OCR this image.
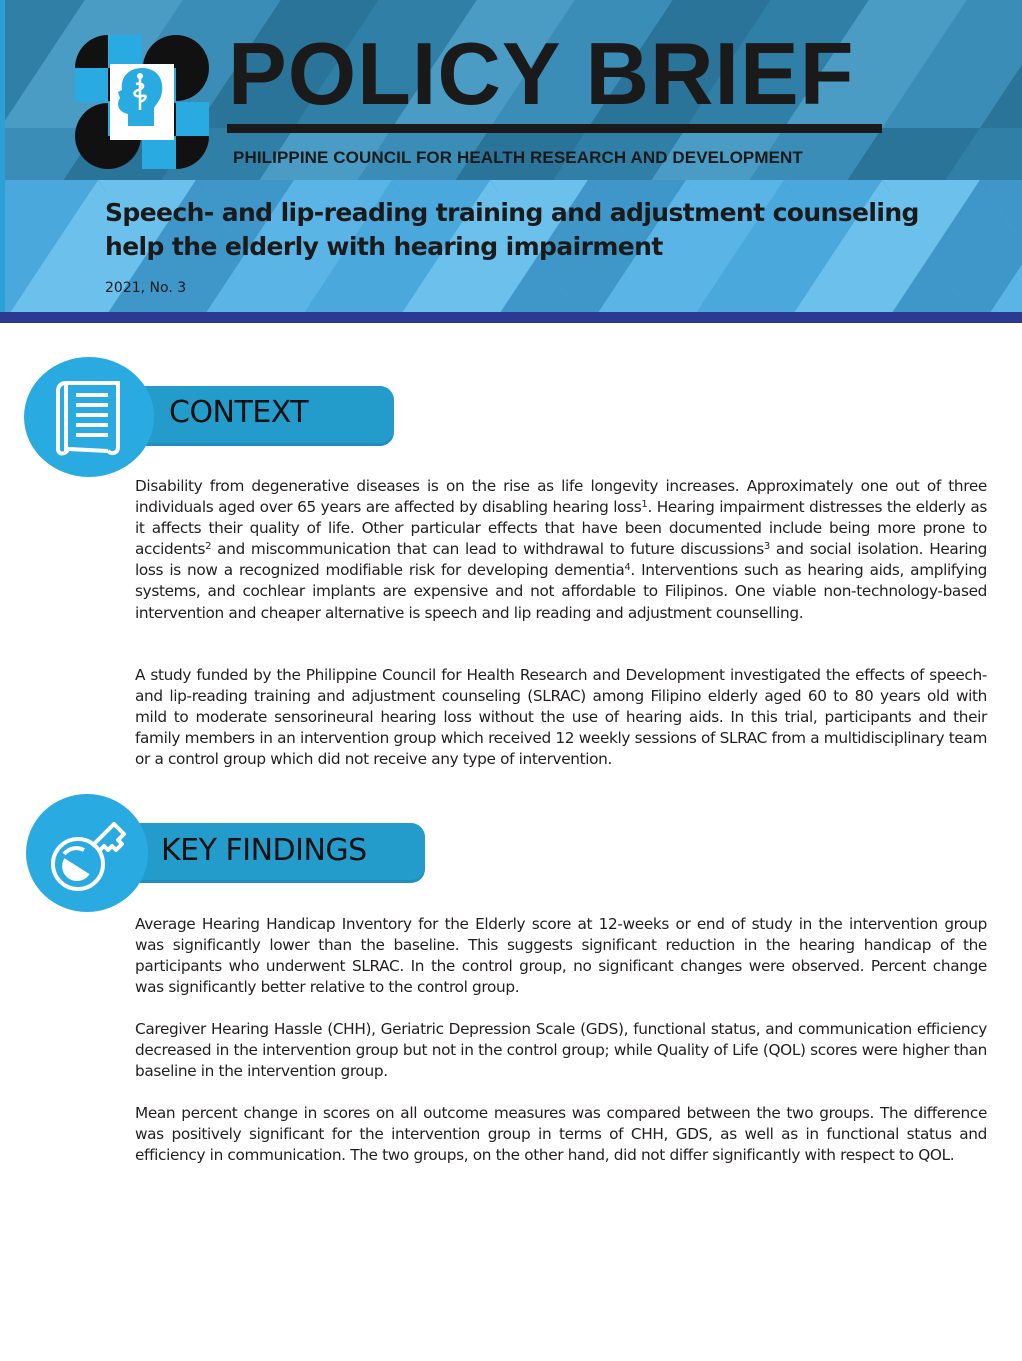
POLICY BRIEF

PHILIPPINE COUNCIL FOR HEALTH RESEARCH AND DEVELOPMENT

Speech- and lip-reading training and adjustment counseling help the elderly with hearing impairment

2021, No. 3

CONTEXT

Disability from degenerative diseases is on the rise as life longevity increases. Approximately one out of three individuals aged over 65 years are affected by disabling hearing loss$^1$. Hearing impairment distresses the elderly as it affects their quality of life. Other particular effects that have been documented include being more prone to accidents$^2$ and miscommunication that can lead to withdrawal to future discussions$^3$ and social isolation. Hearing loss is now a recognized modifiable risk for developing dementia$^4$. Interventions such as hearing aids, amplifying systems, and cochlear implants are expensive and not affordable to Filipinos. One viable non-technology-based intervention and cheaper alternative is speech and lip reading and adjustment counselling.

A study funded by the Philippine Council for Health Research and Development investigated the effects of speech- and lip-reading training and adjustment counseling (SLRAC) among Filipino elderly aged 60 to 80 years old with mild to moderate sensorineural hearing loss without the use of hearing aids. In this trial, participants and their family members in an intervention group which received 12 weekly sessions of SLRAC from a multidisciplinary team or a control group which did not receive any type of intervention.

KEY FINDINGS

Average Hearing Handicap Inventory for the Elderly score at 12-weeks or end of study in the intervention group was significantly lower than the baseline. This suggests significant reduction in the hearing handicap of the participants who underwent SLRAC. In the control group, no significant changes were observed. Percent change was significantly better relative to the control group.

Caregiver Hearing Hassle (CHH), Geriatric Depression Scale (GDS), functional status, and communication efficiency decreased in the intervention group but not in the control group; while Quality of Life (QOL) scores were higher than baseline in the intervention group.

Mean percent change in scores on all outcome measures was compared between the two groups. The difference was positively significant for the intervention group in terms of CHH, GDS, as well as in functional status and efficiency in communication. The two groups, on the other hand, did not differ significantly with respect to QOL.
